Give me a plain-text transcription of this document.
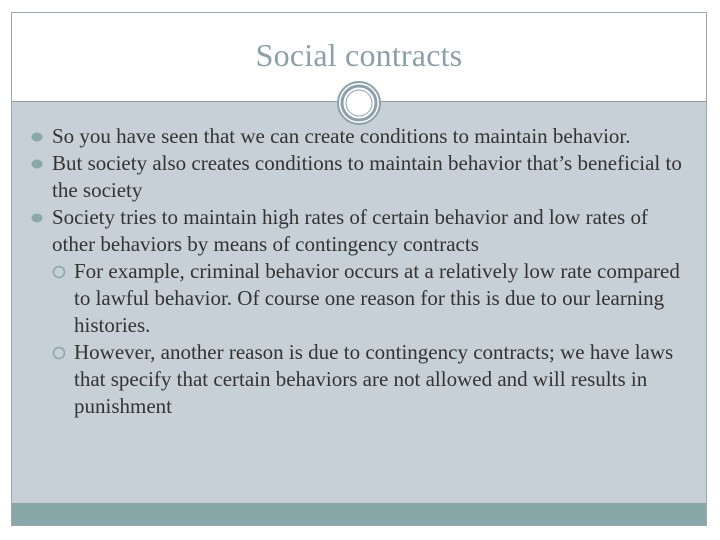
Social contracts
So you have seen that we can create conditions to maintain behavior.
But society also creates conditions to maintain behavior that’s beneficial to the society
Society tries to maintain high rates of certain behavior and low rates of other behaviors by means of contingency contracts
For example, criminal behavior occurs at a relatively low rate compared to lawful behavior. Of course one reason for this is due to our learning histories.
However, another reason is due to contingency contracts; we have laws that specify that certain behaviors are not allowed and will results in punishment
